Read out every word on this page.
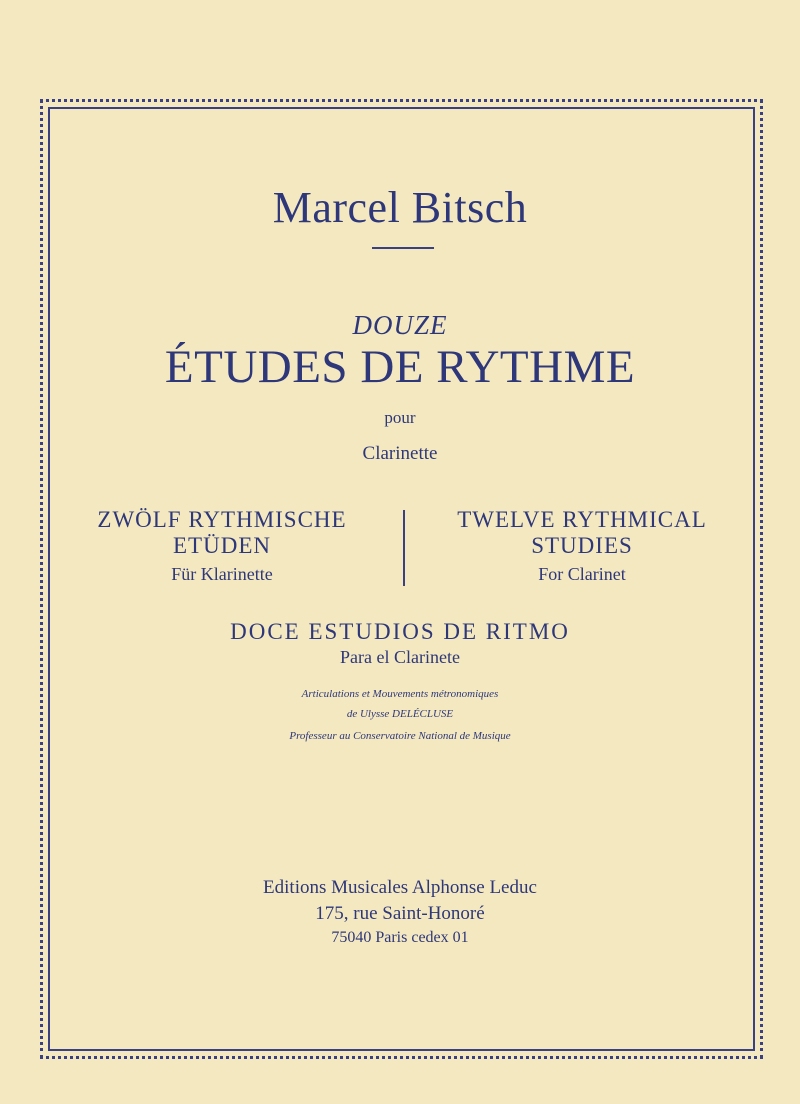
Marcel Bitsch
DOUZE
ÉTUDES DE RYTHME
pour
Clarinette
ZWÖLF RYTHMISCHE
ETÜDEN
Für Klarinette
TWELVE RYTHMICAL
STUDIES
For Clarinet
DOCE ESTUDIOS DE RITMO
Para el Clarinete
Articulations et Mouvements métronomiques
de Ulysse DELÉCLUSE
Professeur au Conservatoire National de Musique
Editions Musicales Alphonse Leduc
175, rue Saint-Honoré
75040 Paris cedex 01
